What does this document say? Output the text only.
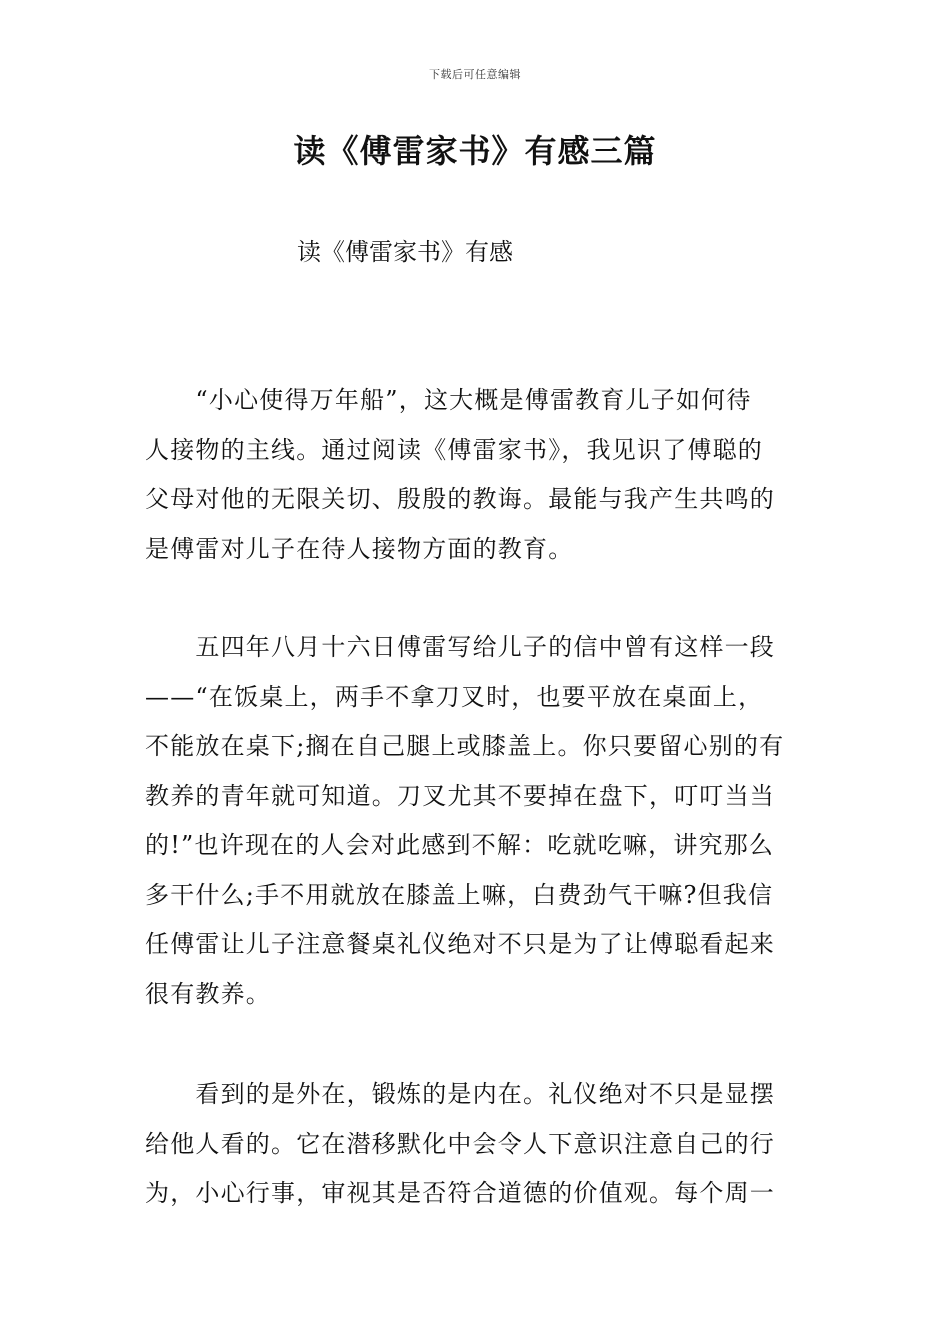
下载后可任意编辑
读《傅雷家书》有感三篇
读《傅雷家书》有感
　　“小心使得万年船”，这大概是傅雷教育儿子如何待
人接物的主线。通过阅读《傅雷家书》，我见识了傅聪的
父母对他的无限关切、殷殷的教诲。最能与我产生共鸣的
是傅雷对儿子在待人接物方面的教育。
　　五四年八月十六日傅雷写给儿子的信中曾有这样一段
——“在饭桌上，两手不拿刀叉时，也要平放在桌面上，
不能放在桌下;搁在自己腿上或膝盖上。你只要留心别的有
教养的青年就可知道。刀叉尤其不要掉在盘下，叮叮当当
的!”也许现在的人会对此感到不解：吃就吃嘛，讲究那么
多干什么;手不用就放在膝盖上嘛，白费劲气干嘛?但我信
任傅雷让儿子注意餐桌礼仪绝对不只是为了让傅聪看起来
很有教养。
　　看到的是外在，锻炼的是内在。礼仪绝对不只是显摆
给他人看的。它在潜移默化中会令人下意识注意自己的行
为，小心行事，审视其是否符合道德的价值观。每个周一
